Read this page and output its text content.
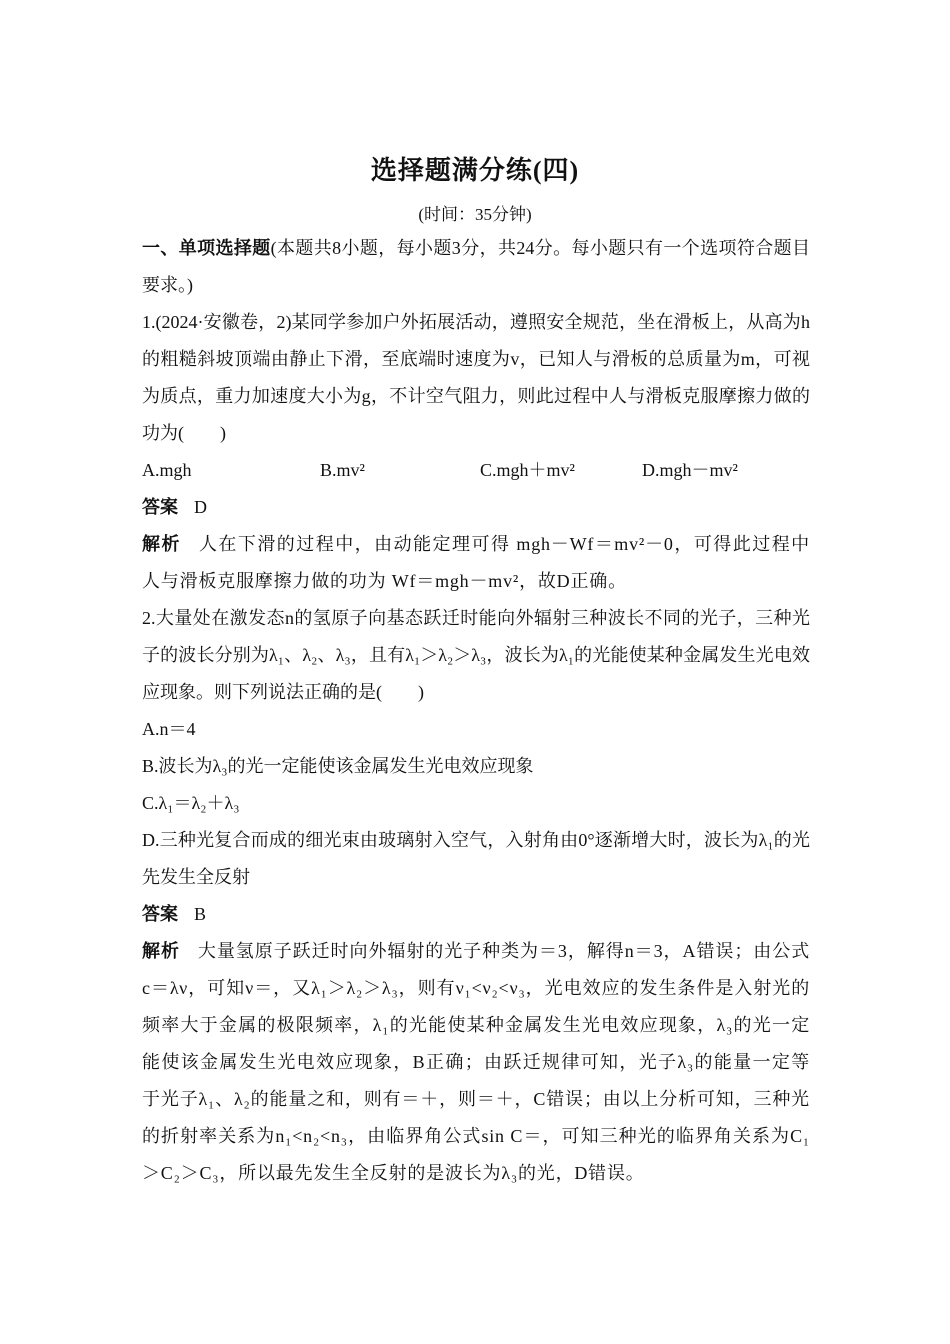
选择题满分练(四)
(时间：35分钟)

一、单项选择题(本题共8小题，每小题3分，共24分。每小题只有一个选项符合题目要求。)

1.(2024·安徽卷，2)某同学参加户外拓展活动，遵照安全规范，坐在滑板上，从高为h的粗糙斜坡顶端由静止下滑，至底端时速度为v，已知人与滑板的总质量为m，可视为质点，重力加速度大小为g，不计空气阻力，则此过程中人与滑板克服摩擦力做的功为(　　)

A.mgh	B.mv²	C.mgh＋mv²	D.mgh－mv²

答案 D

解析 人在下滑的过程中，由动能定理可得 mgh－Wf＝mv²－0，可得此过程中人与滑板克服摩擦力做的功为 Wf＝mgh－mv²，故D正确。

2.大量处在激发态n的氢原子向基态跃迁时能向外辐射三种波长不同的光子，三种光子的波长分别为λ₁、λ₂、λ₃，且有λ₁＞λ₂＞λ₃，波长为λ₁的光能使某种金属发生光电效应现象。则下列说法正确的是(　　)

A.n＝4

B.波长为λ₃的光一定能使该金属发生光电效应现象

C.λ₁＝λ₂＋λ₃

D.三种光复合而成的细光束由玻璃射入空气，入射角由0°逐渐增大时，波长为λ₁的光先发生全反射

答案 B

解析 大量氢原子跃迁时向外辐射的光子种类为＝3，解得n＝3，A错误；由公式c＝λν，可知ν＝，又λ₁＞λ₂＞λ₃，则有ν₁<ν₂<ν₃，光电效应的发生条件是入射光的频率大于金属的极限频率，λ₁的光能使某种金属发生光电效应现象，λ₃的光一定能使该金属发生光电效应现象，B正确；由跃迁规律可知，光子λ₃的能量一定等于光子λ₁、λ₂的能量之和，则有＝＋，则＝＋，C错误；由以上分析可知，三种光的折射率关系为n₁<n₂<n₃，由临界角公式sin C＝，可知三种光的临界角关系为C₁＞C₂＞C₃，所以最先发生全反射的是波长为λ₃的光，D错误。
